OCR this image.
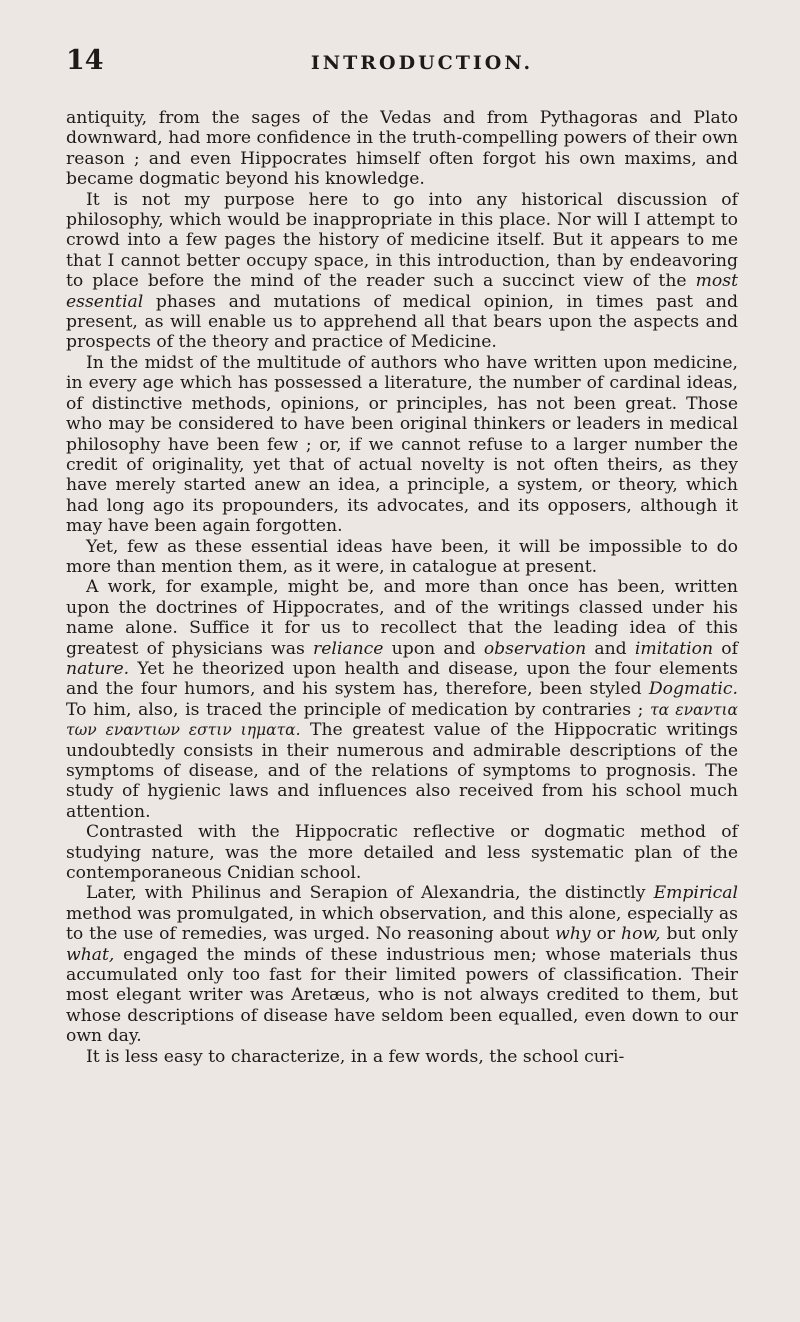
14	INTRODUCTION.

antiquity, from the sages of the Vedas and from Pythagoras and Plato downward, had more confidence in the truth-compelling powers of their own reason ; and even Hippocrates himself often forgot his own maxims, and became dogmatic beyond his knowledge.

It is not my purpose here to go into any historical discussion of philosophy, which would be inappropriate in this place. Nor will I attempt to crowd into a few pages the history of medicine itself. But it appears to me that I cannot better occupy space, in this introduction, than by endeavoring to place before the mind of the reader such a succinct view of the most essential phases and mutations of medical opinion, in times past and present, as will enable us to apprehend all that bears upon the aspects and prospects of the theory and practice of Medicine.

In the midst of the multitude of authors who have written upon medicine, in every age which has possessed a literature, the number of cardinal ideas, of distinctive methods, opinions, or principles, has not been great. Those who may be considered to have been original thinkers or leaders in medical philosophy have been few ; or, if we cannot refuse to a larger number the credit of originality, yet that of actual novelty is not often theirs, as they have merely started anew an idea, a principle, a system, or theory, which had long ago its propounders, its advocates, and its opposers, although it may have been again forgotten.

Yet, few as these essential ideas have been, it will be impossible to do more than mention them, as it were, in catalogue at present.

A work, for example, might be, and more than once has been, written upon the doctrines of Hippocrates, and of the writings classed under his name alone. Suffice it for us to recollect that the leading idea of this greatest of physicians was reliance upon and observation and imitation of nature. Yet he theorized upon health and disease, upon the four elements and the four humors, and his system has, therefore, been styled Dogmatic. To him, also, is traced the principle of medication by contraries ; τα εναντια των εναντιων εστιν ιηματα. The greatest value of the Hippocratic writings undoubtedly consists in their numerous and admirable descriptions of the symptoms of disease, and of the relations of symptoms to prognosis. The study of hygienic laws and influences also received from his school much attention.

Contrasted with the Hippocratic reflective or dogmatic method of studying nature, was the more detailed and less systematic plan of the contemporaneous Cnidian school.

Later, with Philinus and Serapion of Alexandria, the distinctly Empirical method was promulgated, in which observation, and this alone, especially as to the use of remedies, was urged. No reasoning about why or how, but only what, engaged the minds of these industrious men; whose materials thus accumulated only too fast for their limited powers of classification. Their most elegant writer was Aretæus, who is not always credited to them, but whose descriptions of disease have seldom been equalled, even down to our own day.

It is less easy to characterize, in a few words, the school curi-
